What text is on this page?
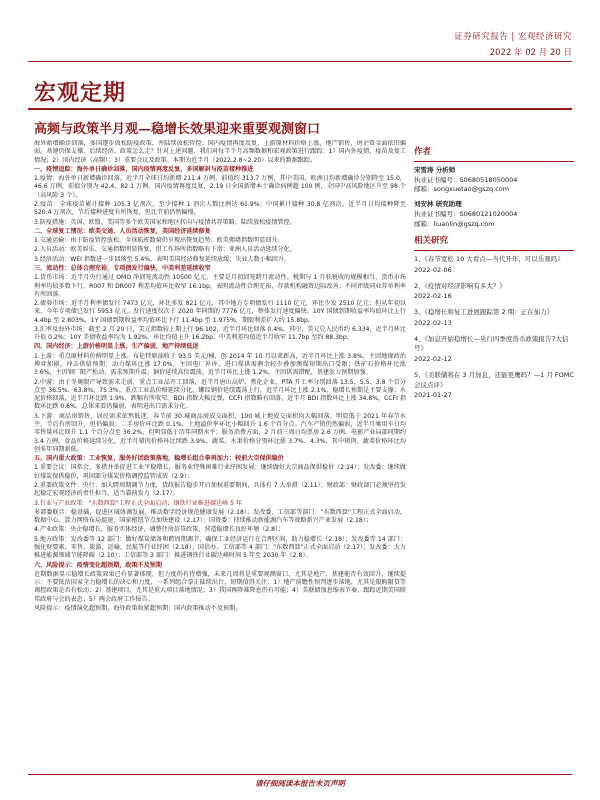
证券研究报告 | 宏观经济研究
2022 年 02 月 20 日
宏观定期
高频与政策半月观—稳增长效果迎来重要观测窗口

海外新增确诊回落，多国逐步放松防疫政策，并陆续放松管控；国内疫情再度反复，上游原材料价格上涨，地产销售，房企资金面依旧偏弱。基建仍保支撑，后续经济、政策怎么走？针对上述问题，我们对每半个月高频数据和宏观政策进行跟踪：1）国内外疫情，疫苗及复工情况；2）国内经济（高频）；3）重要会议及政策。本期为近半月（2022.2.8~2.20）以来的数据跟踪。

一、疫情追踪：海外单日确诊回落，国内疫情再度反复，多国解封与疫苗接种推进

1.疫情：海外单日新增确诊回落，近半月全球日均新增 211.4 万例，前值约 313.7 万例，其中美国、欧洲日均新增确诊分别降至 15.0、46.6 万例，前值分别为 42.4、82.1 万例。国内疫情再度反复，2.19 日全国新增本土确诊病例超 100 例，全国中高风险地区升至 98 个（高风险 3 个）。

2.疫苗：全球疫苗累计接种 105.3 亿剂次，至少接种 1 剂次人数比例达 61.9%；中国累计接种 30.8 亿剂次，近半月日均接种降至 520.4 万剂次，节后接种进度有所恢复，但比节前仍然偏慢。

3.防疫措施：英国、欧盟、美国等多个欧美国家和地区转向与疫情共存策略，陆续放松疫情管控。

二、全球复工情况：欧美交通、人员活动恢复，美国经济延续修复

1.交通运输：由于防疫管控放松，全球航班数量仍呈现出恢复趋势；欧美拥堵指数明显回升。

2.人员活动：欧美娱乐、交通指数明显恢复，但工作场所指数略有下滑；亚洲人员活动延续分化。

3.经济活动：WEI 指数进一步回落至 5.4%，表明美国经济修复延续放缓；失业人数小幅回升。

三、流动性：总体合理充裕，专项债发行偏快，中美利差延续收窄

1.货币市场：近半月央行通过 OMO 净回笼流动性 10500 亿元，主要是月初回笼跨月流动性。税期与 1 月获税收的规模相当，货币市场利率均值多数下行，R007 和 DR007 利差均值环比收窄 16.1bp，表明流动性合理充裕，存款机构融资边际改善；不同评级同业存单利率有所回落。

2.债券市场：近半月利率债发行 7473 亿元，环比多发 821 亿元，其中地方专项债发行 1110 亿元，环比少发 2510 亿元；但从年初以来，今年专项债已发行 5953 亿元，发行速度仅次于 2020 年同期的 7776 亿元，整体发行速度偏快。10Y 国债到期收益率均值环比上行 4.4bp 至 2.803%，1Y 国债到期收益率均值环比下行 11.4bp 至 1.975%，期限利差扩大约 15.8bp。

3.汇率及海外市场：截至 2 月 20 日，美元指数较上期上行 96.102，近半月环比回落 0.4%，其中，美元兑人民币约 6.334，近半月环比升值 0.2%；10Y 美债收益率均为 1.92%，环比均值上升 16.2bp，中美利差均值近半月收窄 11.7bp 至约 88.3bp。

四、国内经济：上游价格明显上涨，生产偏弱，地产持续低迷

1.上游：重点原材料价格明显上涨。布伦特原油收于 93.5 美元/桶，创 2014 年 10 月以来新高，近半月环比上涨 3.8%，主因地缘政治博弈加剧，冲击供给预期；动力煤环比涨 17.0%，主因电厂补库，进口煤供需剩余较少叠加澳煤短期出口受限；铁矿石价格环比涨 3.6%，主因钢厂限产松动，需求预期升温；铜价延续高位震荡，近半月环比上涨 1.2%，主因供需错配、基建发力预期加强。

2.中游：由于冬奥限产导致需求走弱，重点工业品开工回落，近半月唐山高炉、焦化企业、PTA 开工率分别回落 13.5、5.5、3.8 个百分点至 36.5%、63.8%、75.3%。重点工业品价格延续分化，螺纹钢价延续震荡上行，近半月环比上涨 2.1%，稳增长预期是主要支撑；水泥价格回落，近半月环比跌 1.9%，跌幅有所收窄。BDI 指数大幅反弹，CCFI 指数略有回落，近半月 BDI 指数环比上涨 34.8%，CCFI 指数环比跌 0.6%，总体来看仍偏弱，表明进出口需求分化。

3.下游：商品房销售，居民需求依然低迷，春节前 30 城商品房成交面积、100 城土地成交面积均大幅回落，明显低于 2021 年春节水平，节后有所回升，但仍偏弱；二手房价环比跌 0.1%，土地溢价率环比小幅回升 1.6 个百分点。汽车产销仍然偏弱，近半月乘用车日均零售量环比回升 1.1 个百分点至 36.2%，但明显低于历年同期水平；服务消费方面，2 月前三周日均票房 2.6 万例，电影产业局部同期约 3.4 万例。食品价格延续分化，近半月猪肉价格环比续跌 3.9%，蔬菜、水果价格分别环比涨 3.7%、4.3%，其中猪肉、蔬菜价格环比均创多年同期新低。

五、国内重大政策：工业恢复，服务好团政策落地，稳增长组合拳再加力；较前大宗保供稳价

1.重要会议：国常会，多措并举促进工业平稳增长，服务业特殊困难行业纾困发展；继续做好大宗商品保供稳价（2.14）；发改委：继续做好煤炭保供稳价，巩固部分煤炭价格调控监管成效（2.9）；

2.重要政策文件：央行：加大跨周期调节力度，货政报告稳步开启加权重要期间，具体有 7 大举措（2.11）；财政部：财政部门必须坚持发起稳定宏观经济的责任担当，适当靠前发力（2.17）；

3.行业与产业政策："东数西算"工程正式全面启动；钢铁行业推进碳达峰 5 年

多部委联合：稳基础，促进区域协调发展、推动数字经济规范健康发展（2.18）；发改委、工信部等部门："东数西算"工程正式全面启动，数据中心、算力网络布局提速，国家枢纽节点加快建设（2.17）；国资委：持续推动新能源汽车等战略新兴产业发展（2.18）；

4.产业政策：央企稳增长，服务实体经济，调整住房信贷政策，营造稳增长良好环境（2.8）；

5.地方政策：发改委等 12 部门：做好煤炭储备和跨周期调节，确保工业经济运行在合理区间，助力稳增长（2.18）；发改委等 14 部门：强化财要素，零售、旅游、运输、民航等行业纾困（2.18）；国信办、工信部等 4 部门："东数西算"正式全面启动（2.17）；发改委：大力推进能源领域节能降碳（2.10）；工信部等 3 部门：推进钢铁行业碳达峰时间 5 年至 2030 年（2.8）。

六、风险提示：疫情变化超预期，政策不及预期

近期数据显示稳增长政策效果已有显著体现，但力度仍有待增强，未来几周将是重要观测窗口，尤其是地产、基建能否有效回升，继续提示：不要低估国家全力稳增长的决心和力度，一系列组合拳正陆续出台，短期值得关注：1）地产前瞻性预判逐步落地，尤其是限购限贷等调控政策是否有松动；2）基建项目，尤其是重大项目落地情况；3）我国再降准降息仍有可能；4）美联储加息缩表节奏、跟踪近期美国联邦政府与会的表态；5）两会政府工作报告。

风险提示：疫情演化超预期、海外政策收紧超预期；国内政策推动不及预期。

作者
宋雪涛 分析师
执业证书编号：S0680518050004
邮箱：songxuetao@gszq.com
刘安林 研究助理
执业证书编号：S0680121020004
邮箱：liuanlin@gszq.com
相关研究
1、《春节宽松 10 大看点—当代开年，可以乐观吗》
2022-02-06
2、《疫情对经济影响有多大？》
2022-02-16
3、《稳增长和复工进展跟踪第 2 期：正在加力》
2022-02-13
4、《加息开始稳增长—央行四季度货币政策报告7大信号》
2022-02-12
5、《美联储将在 3 月加息，还能更鹰吗？—1 月 FOMC 会议点评》
2021-01-27
请仔细阅读本报告末页声明
